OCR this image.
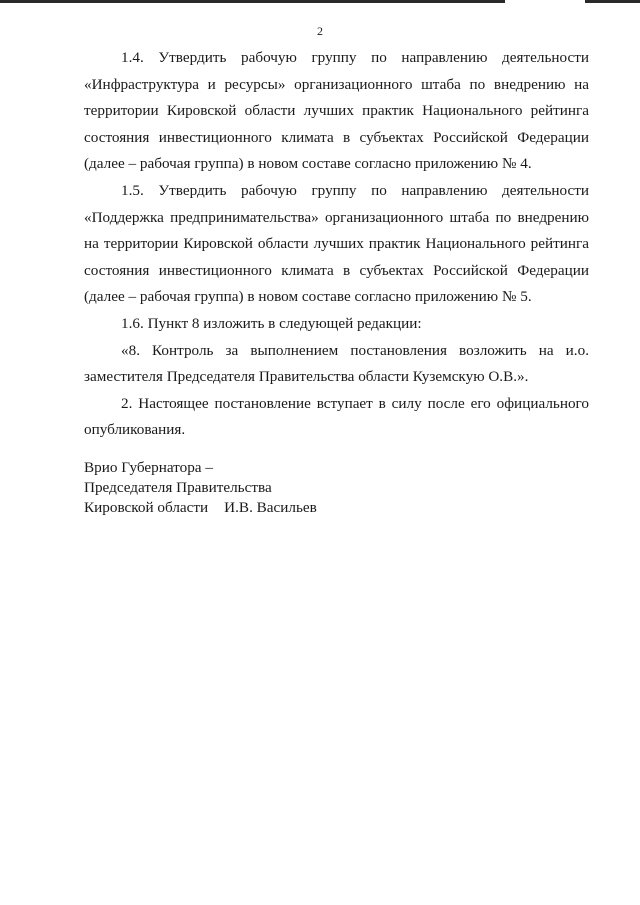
2

1.4. Утвердить рабочую группу по направлению деятельности «Инфраструктура и ресурсы» организационного штаба по внедрению на территории Кировской области лучших практик Национального рейтинга состояния инвестиционного климата в субъектах Российской Федерации (далее – рабочая группа) в новом составе согласно приложению № 4.

1.5. Утвердить рабочую группу по направлению деятельности «Поддержка предпринимательства» организационного штаба по внедрению на территории Кировской области лучших практик Национального рейтинга состояния инвестиционного климата в субъектах Российской Федерации (далее – рабочая группа) в новом составе согласно приложению № 5.

1.6. Пункт 8 изложить в следующей редакции:

«8. Контроль за выполнением постановления возложить на и.о. заместителя Председателя Правительства области Куземскую О.В.».

2. Настоящее постановление вступает в силу после его официального опубликования.

Врио Губернатора –
Председателя Правительства
Кировской области И.В. Васильев
